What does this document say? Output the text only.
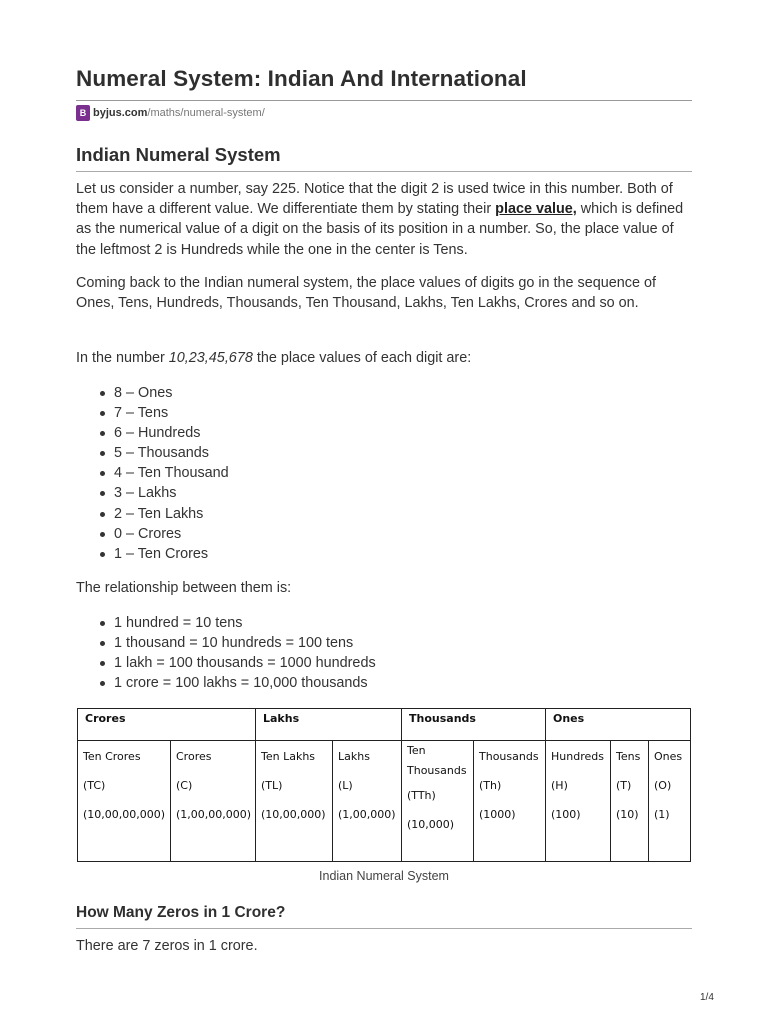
Numeral System: Indian And International
B byjus.com /maths/numeral-system/
Indian Numeral System
Let us consider a number, say 225. Notice that the digit 2 is used twice in this number. Both of them have a different value. We differentiate them by stating their place value, which is defined as the numerical value of a digit on the basis of its position in a number. So, the place value of the leftmost 2 is Hundreds while the one in the center is Tens.
Coming back to the Indian numeral system, the place values of digits go in the sequence of Ones, Tens, Hundreds, Thousands, Ten Thousand, Lakhs, Ten Lakhs, Crores and so on.
In the number 10,23,45,678 the place values of each digit are:
8 – Ones
7 – Tens
6 – Hundreds
5 – Thousands
4 – Ten Thousand
3 – Lakhs
2 – Ten Lakhs
0 – Crores
1 – Ten Crores
The relationship between them is:
1 hundred = 10 tens
1 thousand = 10 hundreds = 100 tens
1 lakh = 100 thousands = 1000 hundreds
1 crore = 100 lakhs = 10,000 thousands
Crores		Lakhs		Thousands		Ones		

Ten Crores
(TC)
(10,00,00,000)	Crores
(C)
(1,00,00,000)	Ten Lakhs
(TL)
(10,00,000)	Lakhs
(L)
(1,00,000)	Ten
Thousands
(TTh)
(10,000)	Thousands
(Th)
(1000)	Hundreds
(H)
(100)	Tens
(T)
(10)	Ones
(O)
(1)
Indian Numeral System
How Many Zeros in 1 Crore?
There are 7 zeros in 1 crore.
1/4
